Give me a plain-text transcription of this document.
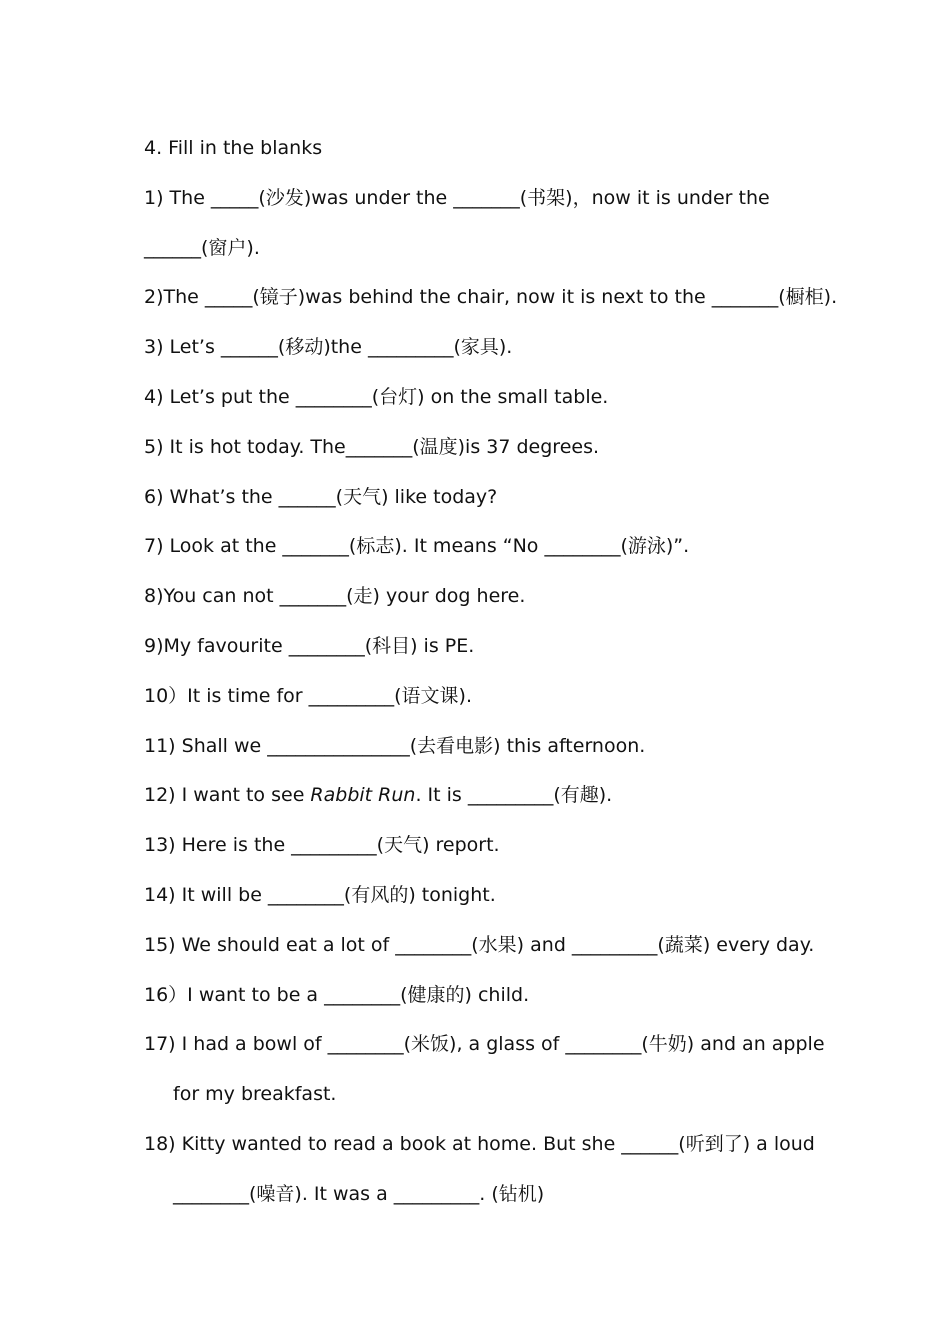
4. Fill in the blanks
1) The _____(沙发)was under the _______(书架)，now it is under the
______(窗户).
2)The _____(镜子)was behind the chair, now it is next to the _______(橱柜).
3) Let’s ______(移动)the _________(家具).
4) Let’s put the ________(台灯) on the small table.
5) It is hot today. The_______(温度)is 37 degrees.
6) What’s the ______(天气) like today?
7) Look at the _______(标志). It means “No ________(游泳)”.
8)You can not _______(走) your dog here.
9)My favourite ________(科目) is PE.
10）It is time for _________(语文课).
11) Shall we _______________(去看电影) this afternoon.
12) I want to see Rabbit Run. It is _________(有趣).
13) Here is the _________(天气) report.
14) It will be ________(有风的) tonight.
15) We should eat a lot of ________(水果) and _________(蔬菜) every day.
16）I want to be a ________(健康的) child.
17) I had a bowl of ________(米饭), a glass of ________(牛奶) and an apple
for my breakfast.
18) Kitty wanted to read a book at home. But she ______(听到了) a loud
________(噪音). It was a _________. (钻机)
